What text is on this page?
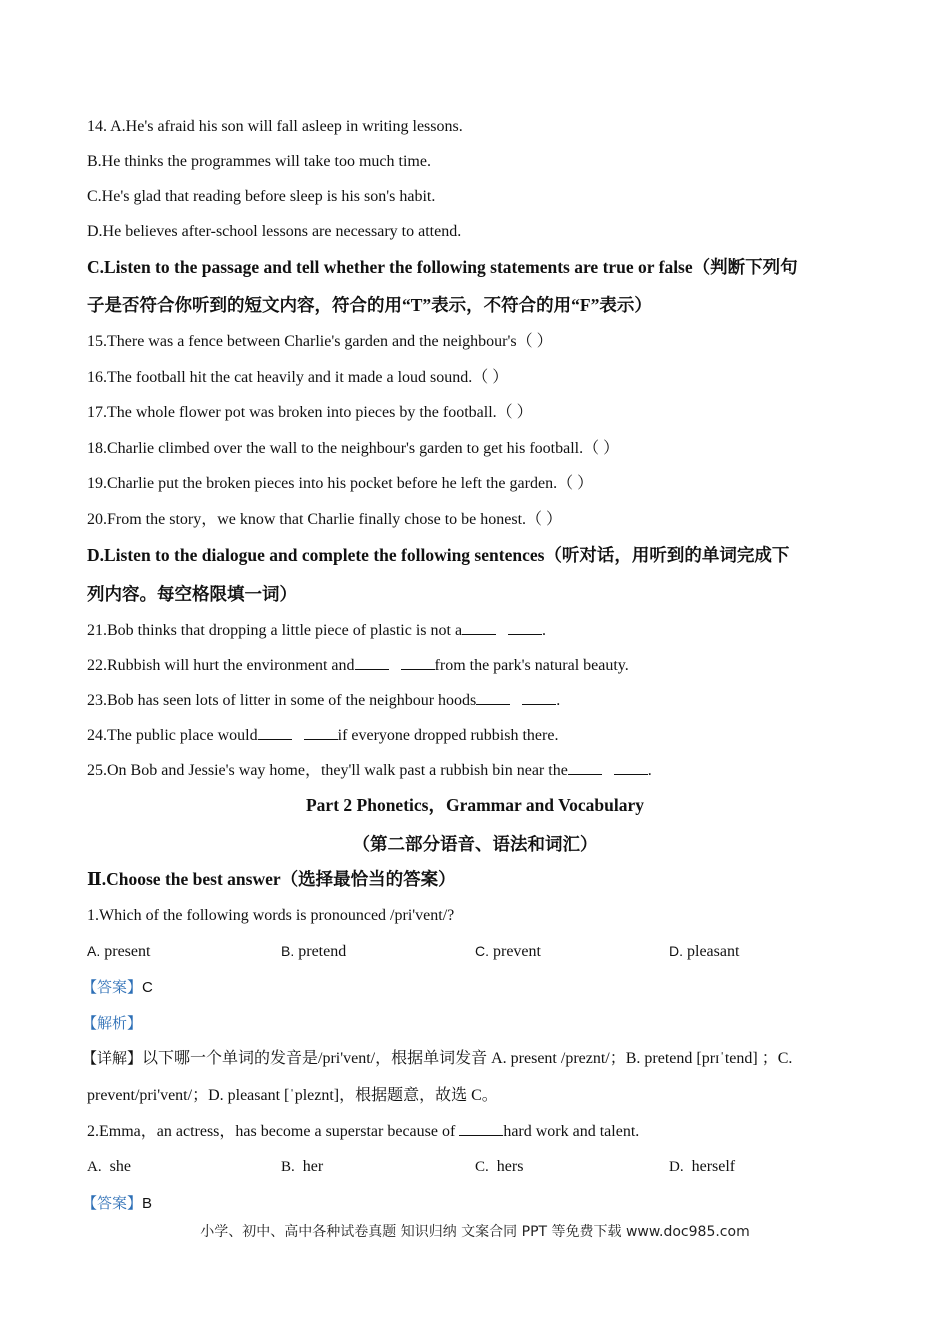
14. A.He's afraid his son will fall asleep in writing lessons.
B.He thinks the programmes will take too much time.
C.He's glad that reading before sleep is his son's habit.
D.He believes after-school lessons are necessary to attend.
C.Listen to the passage and tell whether the following statements are true or false（判断下列句
子是否符合你听到的短文内容，符合的用“T”表示，不符合的用“F”表示）
15.There was a fence between Charlie's garden and the neighbour's（ ）
16.The football hit the cat heavily and it made a loud sound.（ ）
17.The whole flower pot was broken into pieces by the football.（ ）
18.Charlie climbed over the wall to the neighbour's garden to get his football.（ ）
19.Charlie put the broken pieces into his pocket before he left the garden.（ ）
20.From the story，we know that Charlie finally chose to be honest.（ ）
D.Listen to the dialogue and complete the following sentences（听对话，用听到的单词完成下
列内容。每空格限填一词）
21.Bob thinks that dropping a little piece of plastic is not a	.
22.Rubbish will hurt the environment and	from the park's natural beauty.
23.Bob has seen lots of litter in some of the neighbour hoods	.
24.The public place would	if everyone dropped rubbish there.
25.On Bob and Jessie's way home，they'll walk past a rubbish bin near the	.
Part 2 Phonetics，Grammar and Vocabulary
（第二部分语音、语法和词汇）
Ⅱ.Choose the best answer（选择最恰当的答案）
1.Which of the following words is pronounced /pri'vent/?
A. present	B. pretend	C. prevent	D. pleasant
【答案】C
【解析】
【详解】以下哪一个单词的发音是/pri'vent/，根据单词发音 A. present /preznt/；B. pretend [prɪˈtend] ；C.
prevent/pri'vent/；D. pleasant [ˈpleznt]，根据题意，故选 C。
2.Emma，an actress，has become a superstar because of	hard work and talent.
A. she	B. her	C. hers	D. herself
【答案】B
小学、初中、高中各种试卷真题 知识归纳 文案合同 PPT 等免费下载 www.doc985.com
